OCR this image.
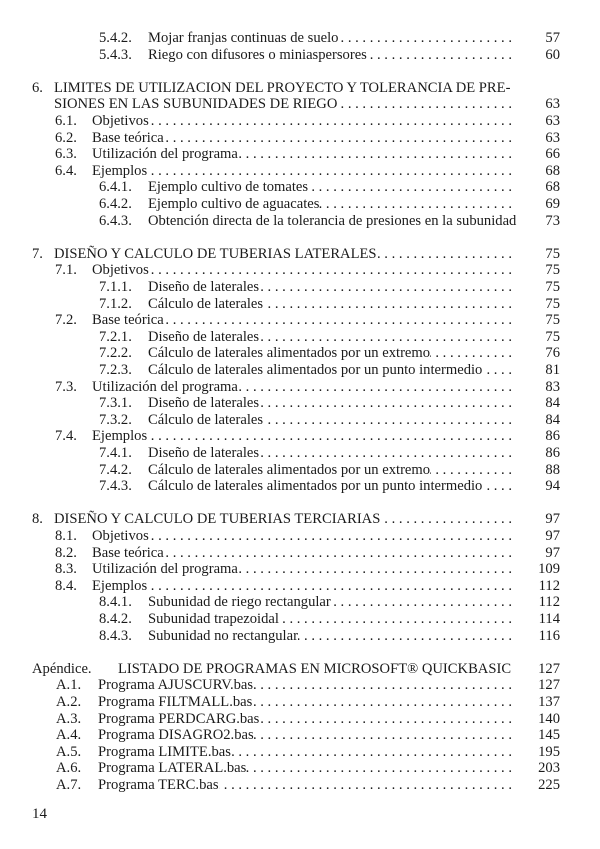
5.4.2. Mojar franjas continuas de suelo . . .	57
5.4.3. Riego con difusores o miniaspersores . . .	60
6. LIMITES DE UTILIZACION DEL PROYECTO Y TOLERANCIA DE PRE-
SIONES EN LAS SUBUNIDADES DE RIEGO . . .	63
6.1. Objetivos . . .	63
6.2. Base teórica . . .	63
6.3. Utilización del programa . . .	66
6.4. Ejemplos . . .	68
6.4.1. Ejemplo cultivo de tomates . . .	68
6.4.2. Ejemplo cultivo de aguacates . . .	69
6.4.3. Obtención directa de la tolerancia de presiones en la subunidad 73
7. DISEÑO Y CALCULO DE TUBERIAS LATERALES . . .	75
7.1. Objetivos . . .	75
7.1.1. Diseño de laterales . . .	75
7.1.2. Cálculo de laterales . . .	75
7.2. Base teórica . . .	75
7.2.1. Diseño de laterales . . .	75
7.2.2. Cálculo de laterales alimentados por un extremo . . .	76
7.2.3. Cálculo de laterales alimentados por un punto intermedio . . .	81
7.3. Utilización del programa . . .	83
7.3.1. Diseño de laterales . . .	84
7.3.2. Cálculo de laterales . . .	84
7.4. Ejemplos . . .	86
7.4.1. Diseño de laterales . . .	86
7.4.2. Cálculo de laterales alimentados por un extremo . . .	88
7.4.3. Cálculo de laterales alimentados por un punto intermedio . . .	94
8. DISEÑO Y CALCULO DE TUBERIAS TERCIARIAS . . .	97
8.1. Objetivos . . .	97
8.2. Base teórica . . .	97
8.3. Utilización del programa . . .	109
8.4. Ejemplos . . .	112
8.4.1. Subunidad de riego rectangular . . .	112
8.4.2. Subunidad trapezoidal . . .	114
8.4.3. Subunidad no rectangular . . .	116
Apéndice. LISTADO DE PROGRAMAS EN MICROSOFT® QUICKBASIC 127
A.1. Programa AJUSCURV.bas . . .	127
A.2. Programa FILTMALL.bas . . .	137
A.3. Programa PERDCARG.bas . . .	140
A.4. Programa DISAGRO2.bas . . .	145
A.5. Programa LIMITE.bas . . .	195
A.6. Programa LATERAL.bas . . .	203
A.7. Programa TERC.bas . . .	225
14
